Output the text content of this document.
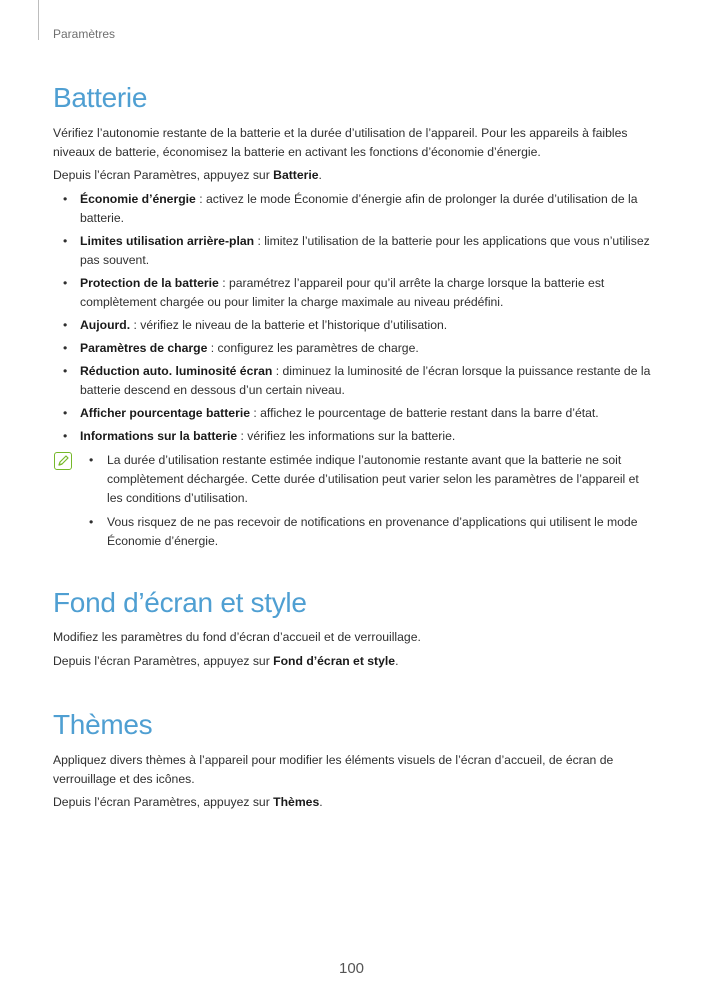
Paramètres
Batterie

Vérifiez l’autonomie restante de la batterie et la durée d’utilisation de l’appareil. Pour les appareils à faibles niveaux de batterie, économisez la batterie en activant les fonctions d’économie d’énergie.

Depuis l’écran Paramètres, appuyez sur Batterie.

• Économie d’énergie : activez le mode Économie d’énergie afin de prolonger la durée d’utilisation de la batterie.
• Limites utilisation arrière-plan : limitez l’utilisation de la batterie pour les applications que vous n’utilisez pas souvent.
• Protection de la batterie : paramétrez l’appareil pour qu’il arrête la charge lorsque la batterie est complètement chargée ou pour limiter la charge maximale au niveau prédéfini.
• Aujourd. : vérifiez le niveau de la batterie et l’historique d’utilisation.
• Paramètres de charge : configurez les paramètres de charge.
• Réduction auto. luminosité écran : diminuez la luminosité de l’écran lorsque la puissance restante de la batterie descend en dessous d’un certain niveau.
• Afficher pourcentage batterie : affichez le pourcentage de batterie restant dans la barre d’état.
• Informations sur la batterie : vérifiez les informations sur la batterie.
• La durée d’utilisation restante estimée indique l’autonomie restante avant que la batterie ne soit complètement déchargée. Cette durée d’utilisation peut varier selon les paramètres de l’appareil et les conditions d’utilisation.
• Vous risquez de ne pas recevoir de notifications en provenance d’applications qui utilisent le mode Économie d’énergie.
Fond d’écran et style

Modifiez les paramètres du fond d’écran d’accueil et de verrouillage.

Depuis l’écran Paramètres, appuyez sur Fond d’écran et style.

Thèmes

Appliquez divers thèmes à l’appareil pour modifier les éléments visuels de l’écran d’accueil, de écran de verrouillage et des icônes.

Depuis l’écran Paramètres, appuyez sur Thèmes.

100
